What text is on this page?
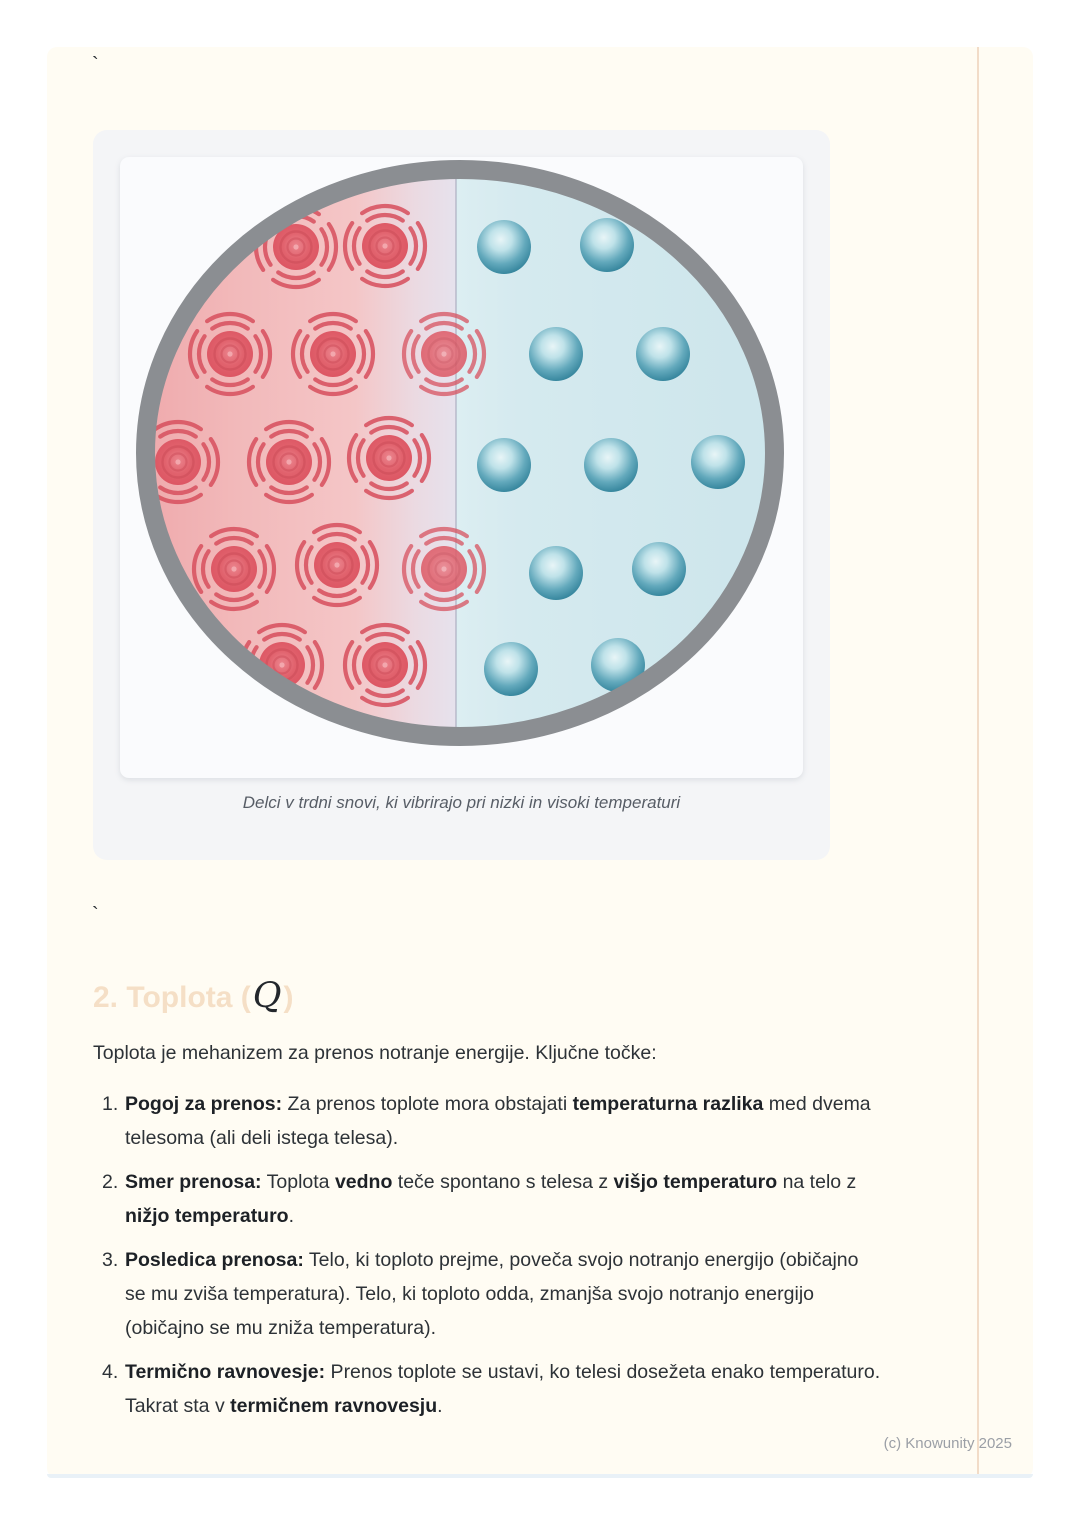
`
Delci v trdni snovi, ki vibrirajo pri nizki in visoki temperaturi
`
2. Toplota (Q)

Toplota je mehanizem za prenos notranje energije. Ključne točke:

1. Pogoj za prenos: Za prenos toplote mora obstajati temperaturna razlika med dvema telesoma (ali deli istega telesa).
2. Smer prenosa: Toplota vedno teče spontano s telesa z višjo temperaturo na telo z nižjo temperaturo.
3. Posledica prenosa: Telo, ki toploto prejme, poveča svojo notranjo energijo (običajno se mu zviša temperatura). Telo, ki toploto odda, zmanjša svojo notranjo energijo (običajno se mu zniža temperatura).
4. Termično ravnovesje: Prenos toplote se ustavi, ko telesi dosežeta enako temperaturo. Takrat sta v termičnem ravnovesju.
(c) Knowunity 2025
